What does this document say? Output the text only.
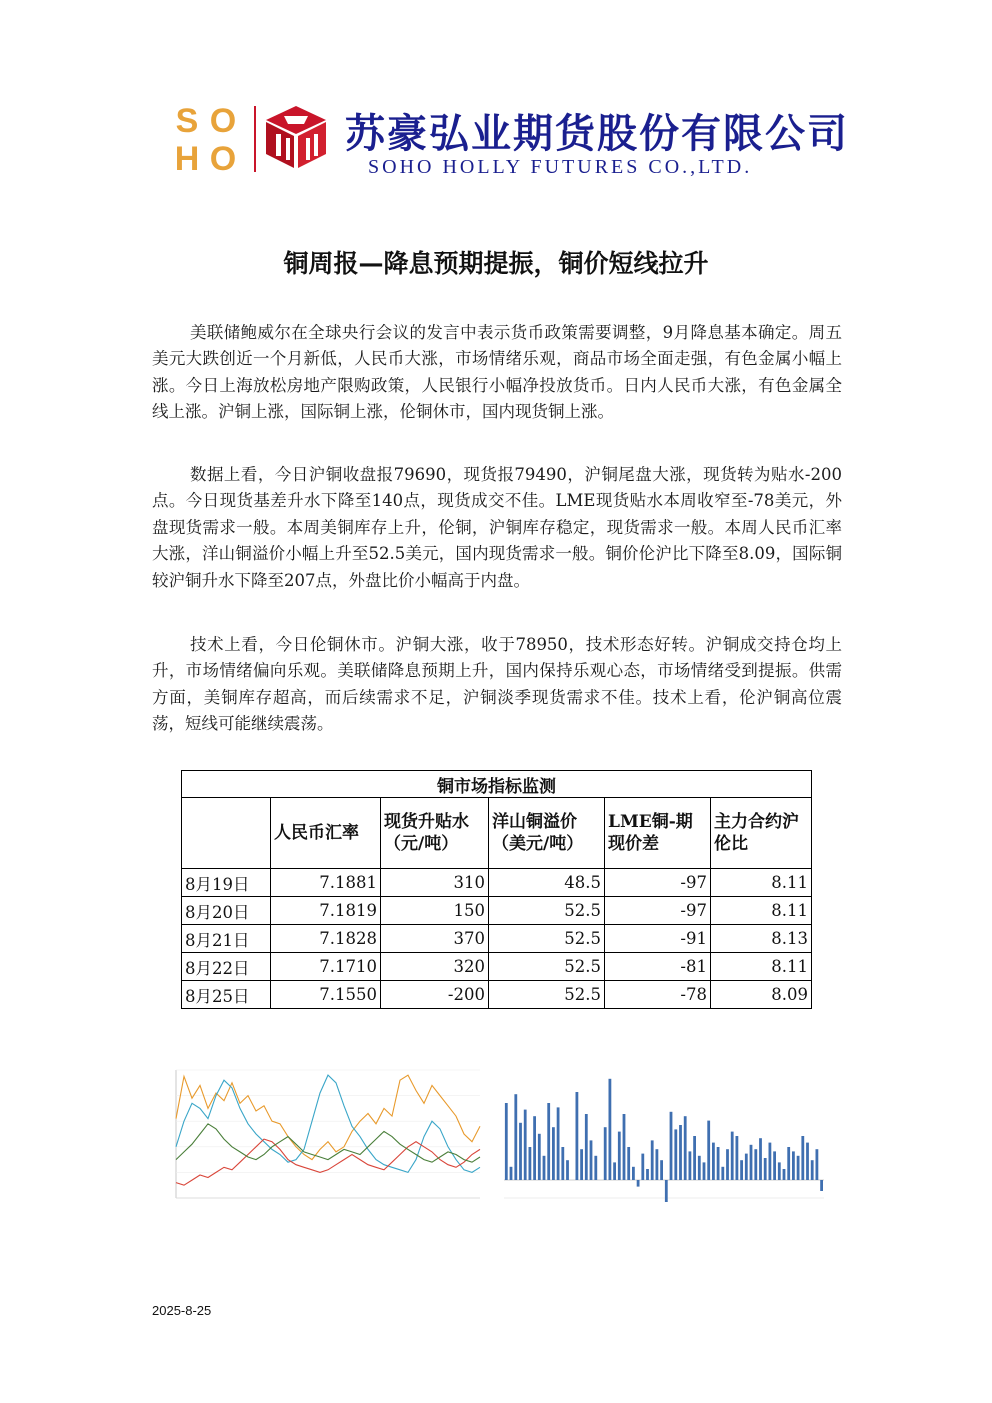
S O
H O
苏豪弘业期货股份有限公司
SOHO HOLLY FUTURES CO.,LTD.
铜周报—降息预期提振，铜价短线拉升

美联储鲍威尔在全球央行会议的发言中表示货币政策需要调整，9月降息基本确定。周五美元大跌创近一个月新低，人民币大涨，市场情绪乐观，商品市场全面走强，有色金属小幅上涨。今日上海放松房地产限购政策，人民银行小幅净投放货币。日内人民币大涨，有色金属全线上涨。沪铜上涨，国际铜上涨，伦铜休市，国内现货铜上涨。

数据上看，今日沪铜收盘报79690，现货报79490，沪铜尾盘大涨，现货转为贴水-200点。今日现货基差升水下降至140点，现货成交不佳。LME现货贴水本周收窄至-78美元，外盘现货需求一般。本周美铜库存上升，伦铜，沪铜库存稳定，现货需求一般。本周人民币汇率大涨，洋山铜溢价小幅上升至52.5美元，国内现货需求一般。铜价伦沪比下降至8.09，国际铜较沪铜升水下降至207点，外盘比价小幅高于内盘。

技术上看，今日伦铜休市。沪铜大涨，收于78950，技术形态好转。沪铜成交持仓均上升，市场情绪偏向乐观。美联储降息预期上升，国内保持乐观心态，市场情绪受到提振。供需方面，美铜库存超高，而后续需求不足，沪铜淡季现货需求不佳。技术上看，伦沪铜高位震荡，短线可能继续震荡。

铜市场指标监测					
	人民币汇率	现货升贴水（元/吨）	洋山铜溢价（美元/吨）	LME铜-期现价差	主力合约沪伦比
8月19日	7.1881	310	48.5	-97	8.11
8月20日	7.1819	150	52.5	-97	8.11
8月21日	7.1828	370	52.5	-91	8.13
8月22日	7.1710	320	52.5	-81	8.11
8月25日	7.1550	-200	52.5	-78	8.09
2025-8-25
